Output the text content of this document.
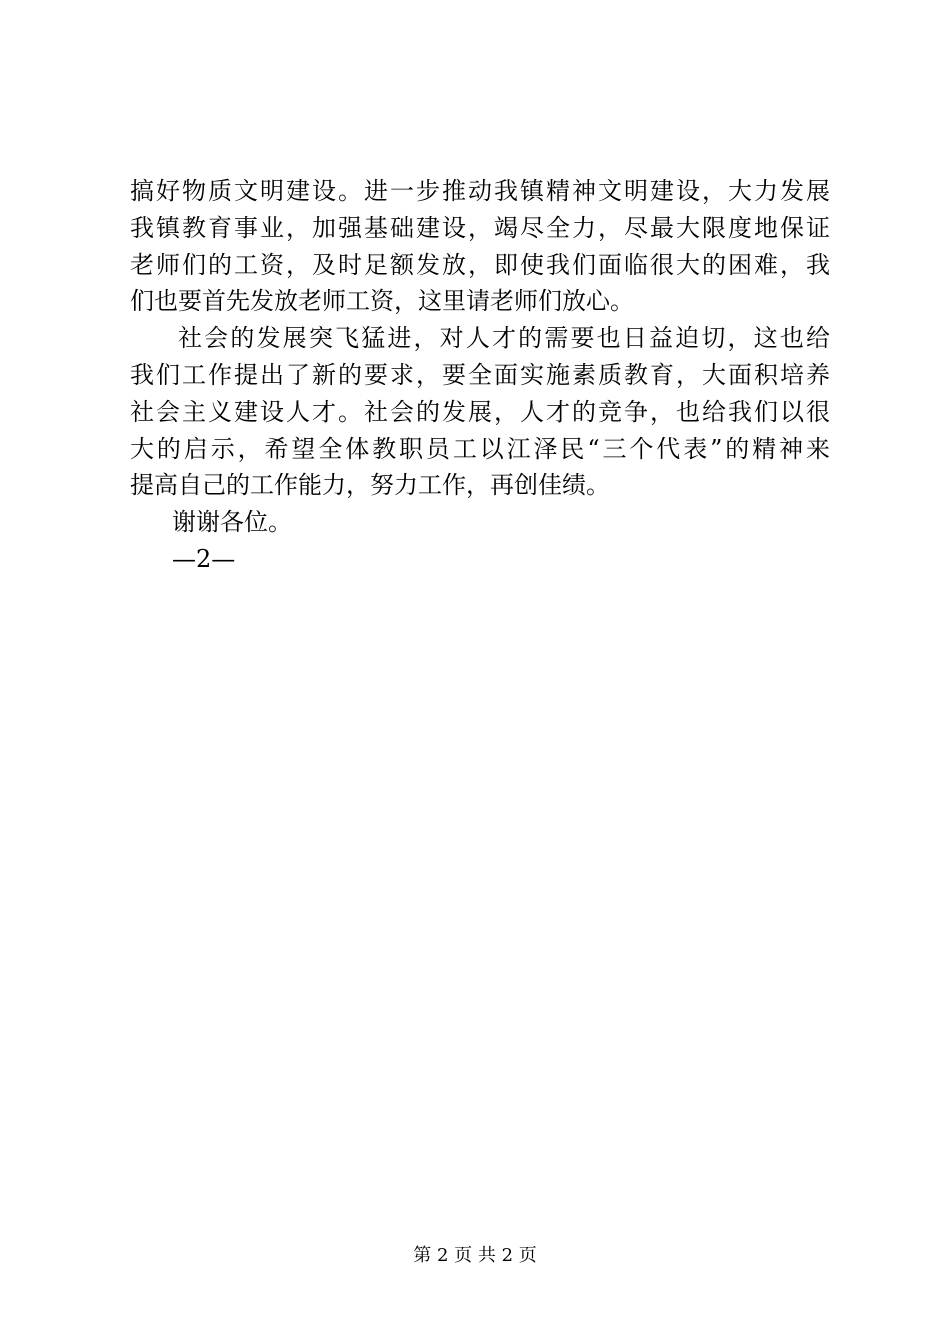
搞好物质文明建设。进一步推动我镇精神文明建设，大力发展
我镇教育事业，加强基础建设，竭尽全力，尽最大限度地保证
老师们的工资，及时足额发放，即使我们面临很大的困难，我
们也要首先发放老师工资，这里请老师们放心。
社会的发展突飞猛进，对人才的需要也日益迫切，这也给
我们工作提出了新的要求，要全面实施素质教育，大面积培养
社会主义建设人才。社会的发展，人才的竞争，也给我们以很
大的启示，希望全体教职员工以江泽民“三个代表”的精神来
提高自己的工作能力，努力工作，再创佳绩。
谢谢各位。
—2—
第 2 页 共 2 页
